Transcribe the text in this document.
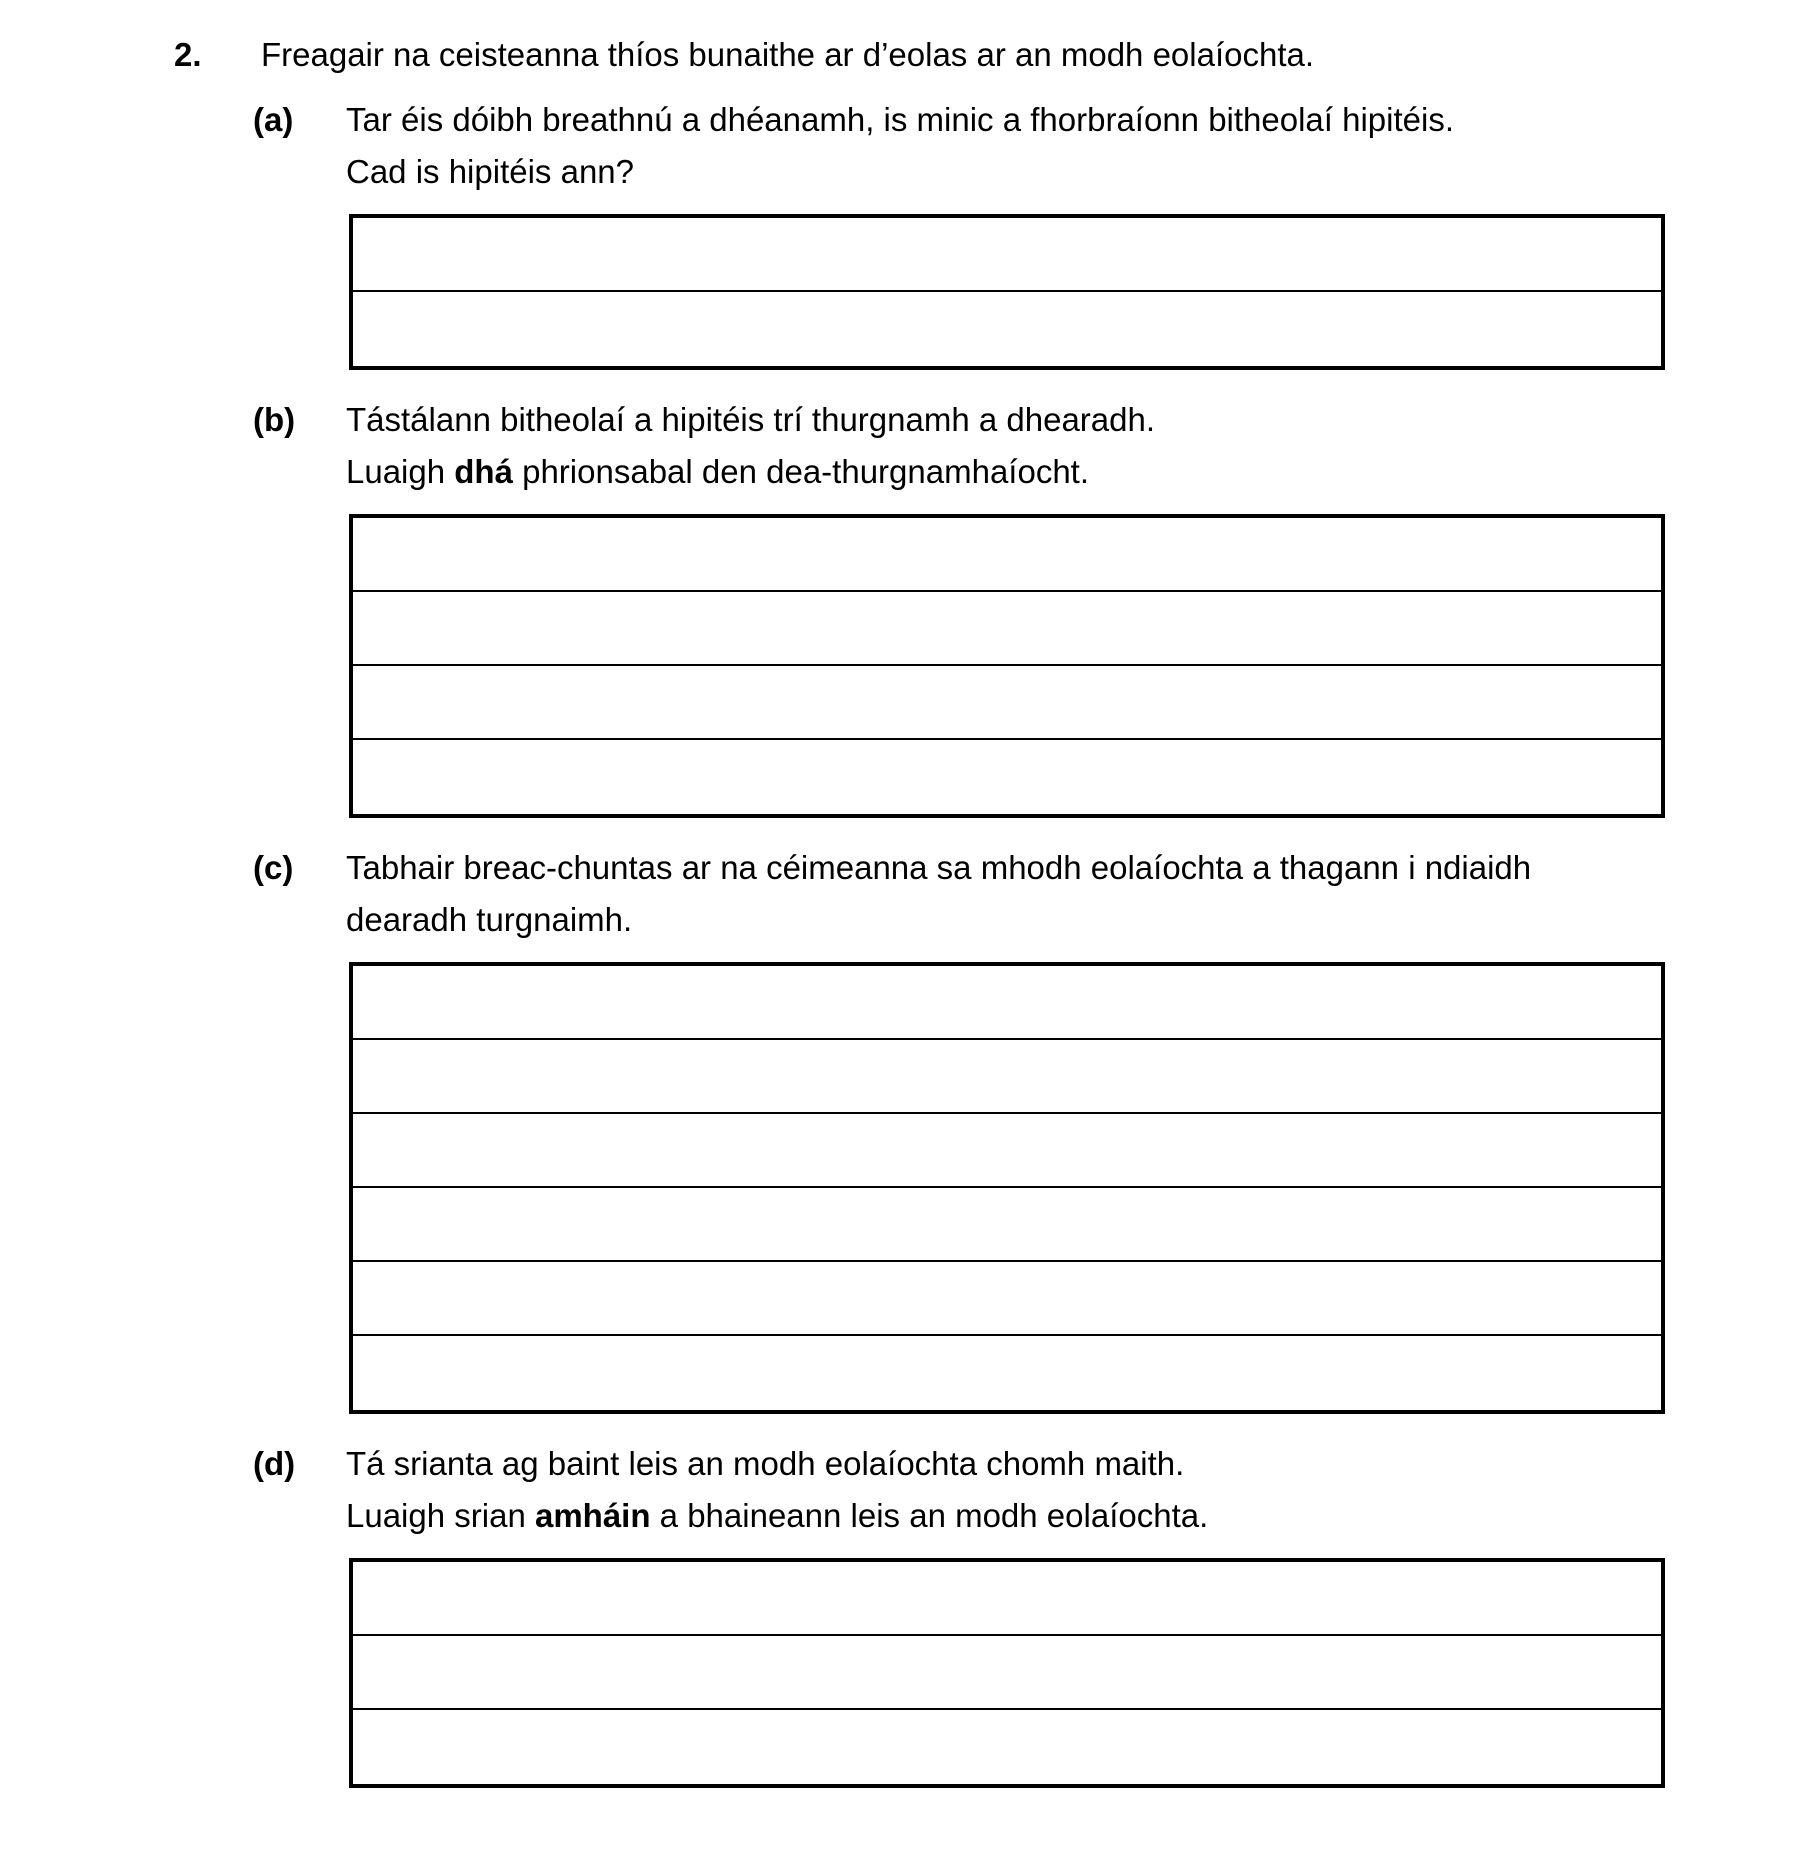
2.	Freagair na ceisteanna thíos bunaithe ar d’eolas ar an modh eolaíochta.
(a)	Tar éis dóibh breathnú a dhéanamh, is minic a fhorbraíonn bitheolaí hipitéis.
Cad is hipitéis ann?
(b)	Tástálann bitheolaí a hipitéis trí thurgnamh a dhearadh.
Luaigh dhá phrionsabal den dea-thurgnamhaíocht.
(c)	Tabhair breac-chuntas ar na céimeanna sa mhodh eolaíochta a thagann i ndiaidh
dearadh turgnaimh.
(d)	Tá srianta ag baint leis an modh eolaíochta chomh maith.
Luaigh srian amháin a bhaineann leis an modh eolaíochta.
